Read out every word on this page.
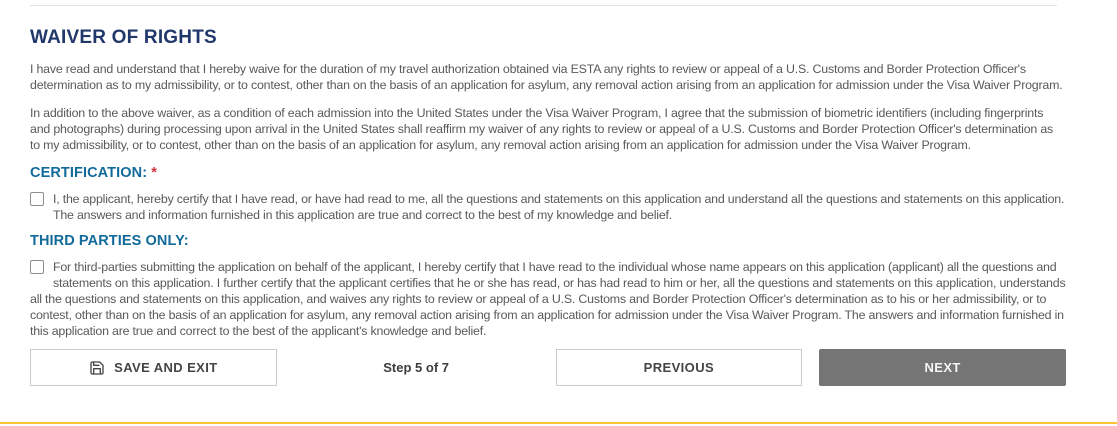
WAIVER OF RIGHTS

I have read and understand that I hereby waive for the duration of my travel authorization obtained via ESTA any rights to review or appeal of a U.S. Customs and Border Protection Officer's determination as to my admissibility, or to contest, other than on the basis of an application for asylum, any removal action arising from an application for admission under the Visa Waiver Program.

In addition to the above waiver, as a condition of each admission into the United States under the Visa Waiver Program, I agree that the submission of biometric identifiers (including fingerprints and photographs) during processing upon arrival in the United States shall reaffirm my waiver of any rights to review or appeal of a U.S. Customs and Border Protection Officer's determination as to my admissibility, or to contest, other than on the basis of an application for asylum, any removal action arising from an application for admission under the Visa Waiver Program.

CERTIFICATION: *
I, the applicant, hereby certify that I have read, or have had read to me, all the questions and statements on this application and understand all the questions and statements on this application. The answers and information furnished in this application are true and correct to the best of my knowledge and belief.
THIRD PARTIES ONLY:
For third-parties submitting the application on behalf of the applicant, I hereby certify that I have read to the individual whose name appears on this application (applicant) all the questions and statements on this application. I further certify that the applicant certifies that he or she has read, or has had read to him or her, all the questions and statements on this application, understands all the questions and statements on this application, and waives any rights to review or appeal of a U.S. Customs and Border Protection Officer's determination as to his or her admissibility, or to contest, other than on the basis of an application for asylum, any removal action arising from an application for admission under the Visa Waiver Program. The answers and information furnished in this application are true and correct to the best of the applicant's knowledge and belief.
SAVE AND EXIT	Step 5 of 7	PREVIOUS	NEXT
